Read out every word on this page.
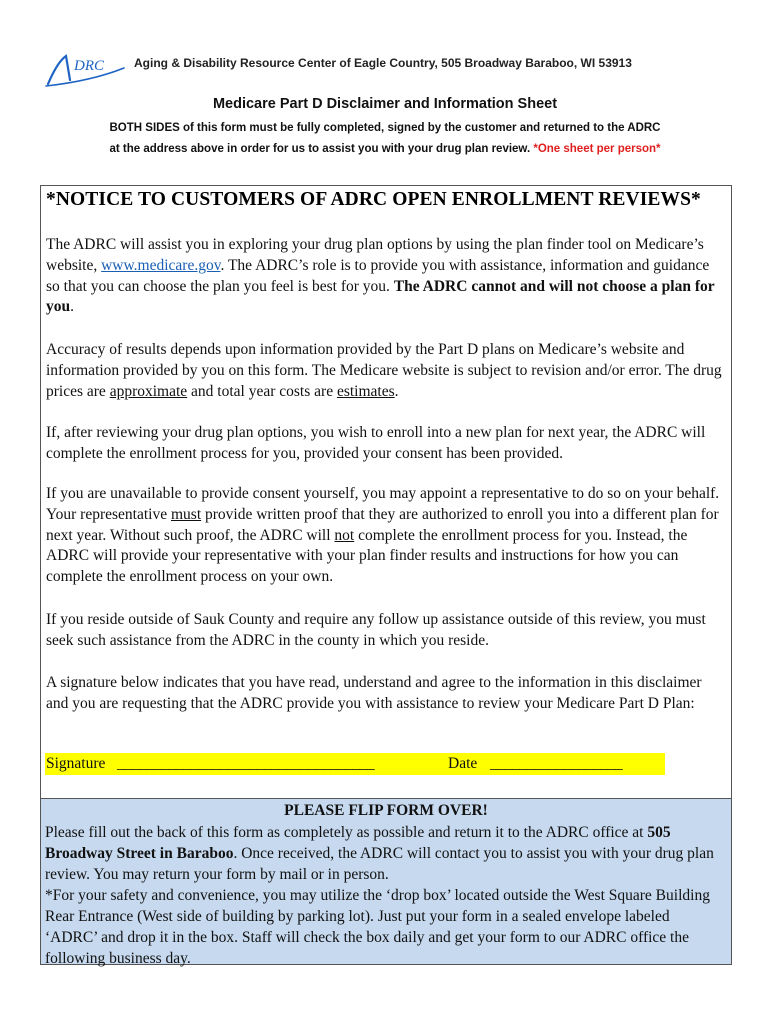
DRC	Aging & Disability Resource Center of Eagle Country, 505 Broadway Baraboo, WI 53913
Medicare Part D Disclaimer and Information Sheet
BOTH SIDES of this form must be fully completed, signed by the customer and returned to the ADRC
at the address above in order for us to assist you with your drug plan review. *One sheet per person*
*NOTICE TO CUSTOMERS OF ADRC OPEN ENROLLMENT REVIEWS*
The ADRC will assist you in exploring your drug plan options by using the plan finder tool on Medicare’s website, www.medicare.gov. The ADRC’s role is to provide you with assistance, information and guidance so that you can choose the plan you feel is best for you. The ADRC cannot and will not choose a plan for you.
Accuracy of results depends upon information provided by the Part D plans on Medicare’s website and information provided by you on this form. The Medicare website is subject to revision and/or error. The drug prices are approximate and total year costs are estimates.
If, after reviewing your drug plan options, you wish to enroll into a new plan for next year, the ADRC will complete the enrollment process for you, provided your consent has been provided.
If you are unavailable to provide consent yourself, you may appoint a representative to do so on your behalf. Your representative must provide written proof that they are authorized to enroll you into a different plan for next year. Without such proof, the ADRC will not complete the enrollment process for you. Instead, the ADRC will provide your representative with your plan finder results and instructions for how you can complete the enrollment process on your own.
If you reside outside of Sauk County and require any follow up assistance outside of this review, you must seek such assistance from the ADRC in the county in which you reside.
A signature below indicates that you have read, understand and agree to the information in this disclaimer and you are requesting that the ADRC provide you with assistance to review your Medicare Part D Plan:
Signature ___________________________________	Date __________________
PLEASE FLIP FORM OVER!
Please fill out the back of this form as completely as possible and return it to the ADRC office at 505 Broadway Street in Baraboo. Once received, the ADRC will contact you to assist you with your drug plan review. You may return your form by mail or in person.
*For your safety and convenience, you may utilize the ‘drop box’ located outside the West Square Building Rear Entrance (West side of building by parking lot). Just put your form in a sealed envelope labeled ‘ADRC’ and drop it in the box. Staff will check the box daily and get your form to our ADRC office the following business day.
